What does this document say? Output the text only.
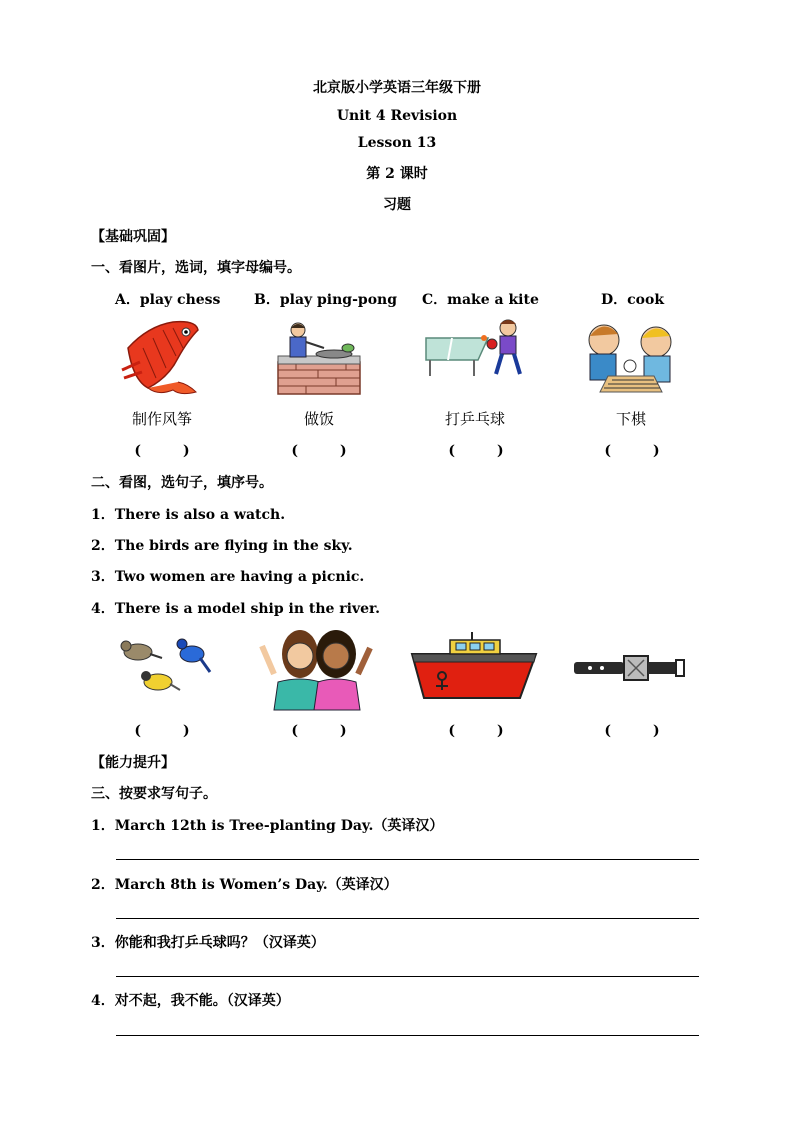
北京版小学英语三年级下册
Unit 4 Revision
Lesson 13
第 2 课时
习题
【基础巩固】
一、看图片，选词，填字母编号。
A．play chess B．play ping-pong C．make a kite	D．cook
制作风筝	做饭	打乒乓球	下棋
(　　　)	(　　　)	(　　　)	(　　　)
二、看图，选句子，填序号。
1．There is also a watch.
2．The birds are flying in the sky.
3．Two women are having a picnic.
4．There is a model ship in the river.
(　　　)	(　　　)	(　　　)	(　　　)
【能力提升】
三、按要求写句子。
1．March 12th is Tree-planting Day.（英译汉）
2．March 8th is Women’s Day.（英译汉）
3．你能和我打乒乓球吗？（汉译英）
4．对不起，我不能。（汉译英）
